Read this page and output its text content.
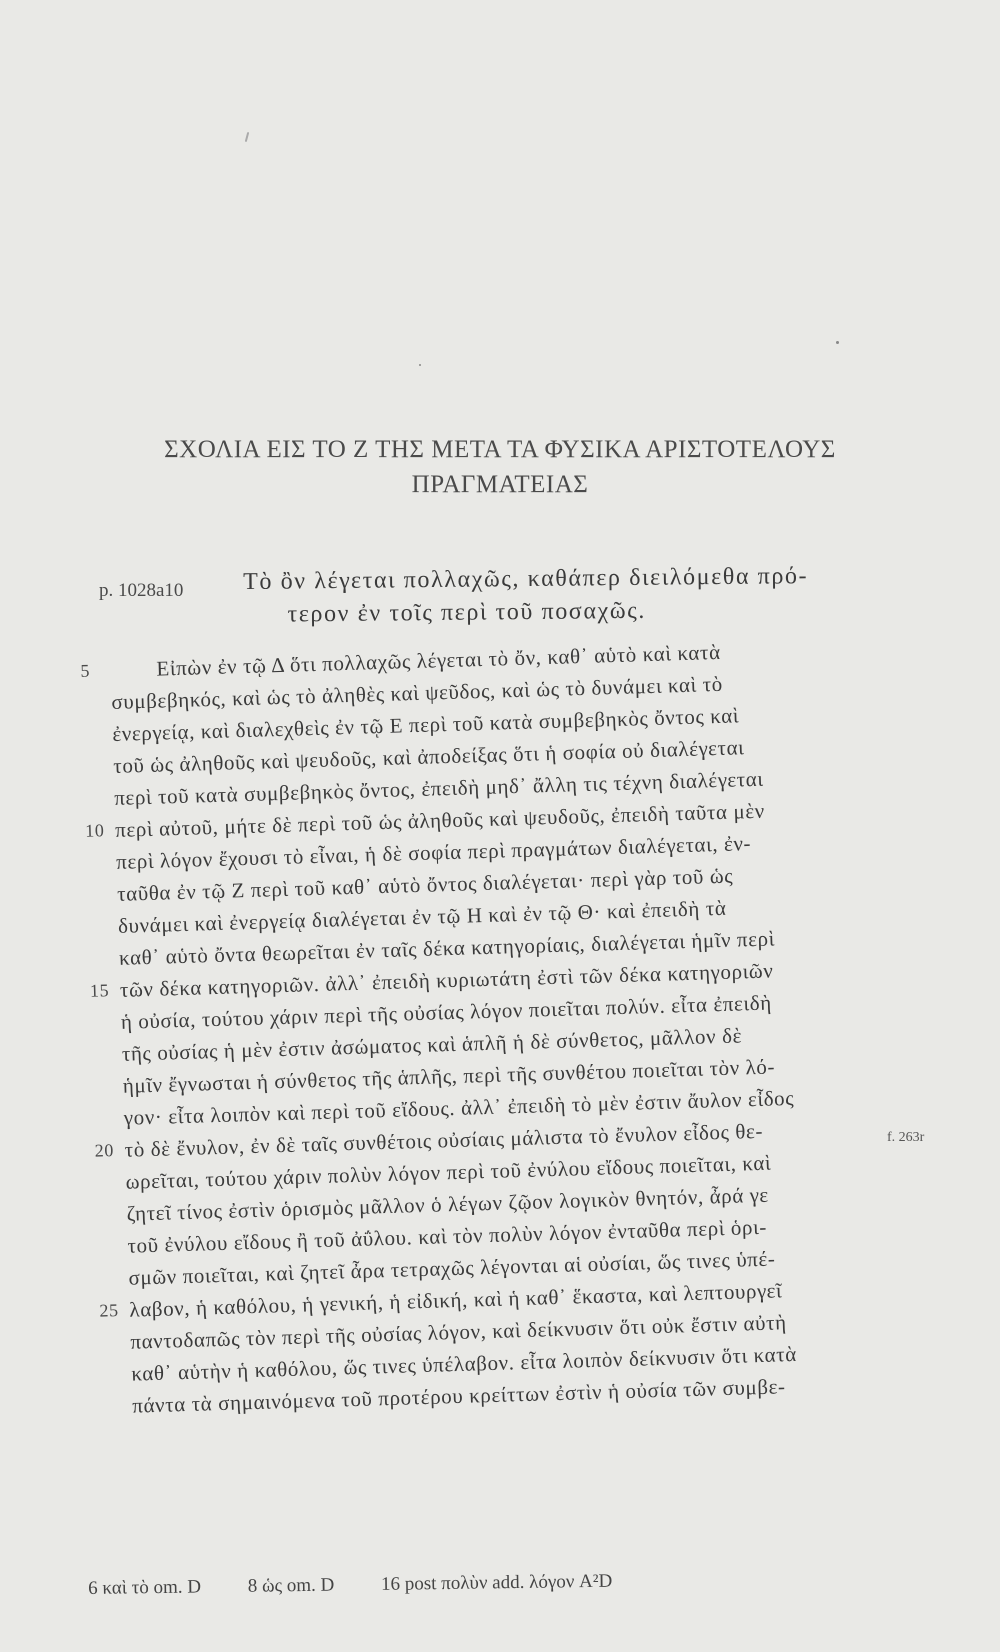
ΣΧΟΛΙΑ ΕΙΣ ΤΟ Ζ ΤΗΣ ΜΕΤΑ ΤΑ ΦΥΣΙΚΑ ΑΡΙΣΤΟΤΕΛΟΥΣ
ΠΡΑΓΜΑΤΕΙΑΣ
p. 1028a10 Τὸ ὂν λέγεται πολλαχῶς, καθάπερ διειλόμεθα πρό-
τερον ἐν τοῖς περὶ τοῦ ποσαχῶς.
5	Εἰπὼν ἐν τῷ Δ ὅτι πολλαχῶς λέγεται τὸ ὄν, καθ᾽ αὑτὸ καὶ κατὰ
συμβεβηκός, καὶ ὡς τὸ ἀληθὲς καὶ ψεῦδος, καὶ ὡς τὸ δυνάμει καὶ τὸ
ἐνεργείᾳ, καὶ διαλεχθεὶς ἐν τῷ Ε περὶ τοῦ κατὰ συμβεβηκὸς ὄντος καὶ
τοῦ ὡς ἀληθοῦς καὶ ψευδοῦς, καὶ ἀποδείξας ὅτι ἡ σοφία οὐ διαλέγεται
περὶ τοῦ κατὰ συμβεβηκὸς ὄντος, ἐπειδὴ μηδ᾽ ἄλλη τις τέχνη διαλέγεται
10 περὶ αὐτοῦ, μήτε δὲ περὶ τοῦ ὡς ἀληθοῦς καὶ ψευδοῦς, ἐπειδὴ ταῦτα μὲν
περὶ λόγον ἔχουσι τὸ εἶναι, ἡ δὲ σοφία περὶ πραγμάτων διαλέγεται, ἐν-
ταῦθα ἐν τῷ Ζ περὶ τοῦ καθ᾽ αὑτὸ ὄντος διαλέγεται· περὶ γὰρ τοῦ ὡς
δυνάμει καὶ ἐνεργείᾳ διαλέγεται ἐν τῷ Η καὶ ἐν τῷ Θ· καὶ ἐπειδὴ τὰ
καθ᾽ αὑτὸ ὄντα θεωρεῖται ἐν ταῖς δέκα κατηγορίαις, διαλέγεται ἡμῖν περὶ
15 τῶν δέκα κατηγοριῶν. ἀλλ᾽ ἐπειδὴ κυριωτάτη ἐστὶ τῶν δέκα κατηγοριῶν
ἡ οὐσία, τούτου χάριν περὶ τῆς οὐσίας λόγον ποιεῖται πολύν. εἶτα ἐπειδὴ
τῆς οὐσίας ἡ μὲν ἐστιν ἀσώματος καὶ ἁπλῆ ἡ δὲ σύνθετος, μᾶλλον δὲ
ἡμῖν ἔγνωσται ἡ σύνθετος τῆς ἁπλῆς, περὶ τῆς συνθέτου ποιεῖται τὸν λό-
γον· εἶτα λοιπὸν καὶ περὶ τοῦ εἴδους. ἀλλ᾽ ἐπειδὴ τὸ μὲν ἐστιν ἄυλον εἶδος
20 τὸ δὲ ἔνυλον, ἐν δὲ ταῖς συνθέτοις οὐσίαις μάλιστα τὸ ἔνυλον εἶδος θε-
ωρεῖται, τούτου χάριν πολὺν λόγον περὶ τοῦ ἐνύλου εἴδους ποιεῖται, καὶ
ζητεῖ τίνος ἐστὶν ὁρισμὸς μᾶλλον ὁ λέγων ζῷον λογικὸν θνητόν, ἆρά γε
τοῦ ἐνύλου εἴδους ἢ τοῦ ἀΰλου. καὶ τὸν πολὺν λόγον ἐνταῦθα περὶ ὁρι-
σμῶν ποιεῖται, καὶ ζητεῖ ἆρα τετραχῶς λέγονται αἱ οὐσίαι, ὥς τινες ὑπέ-
25 λαβον, ἡ καθόλου, ἡ γενική, ἡ εἰδική, καὶ ἡ καθ᾽ ἕκαστα, καὶ λεπτουργεῖ
παντοδαπῶς τὸν περὶ τῆς οὐσίας λόγον, καὶ δείκνυσιν ὅτι οὐκ ἔστιν αὐτὴ
καθ᾽ αὑτὴν ἡ καθόλου, ὥς τινες ὑπέλαβον. εἶτα λοιπὸν δείκνυσιν ὅτι κατὰ
πάντα τὰ σημαινόμενα τοῦ προτέρου κρείττων ἐστὶν ἡ οὐσία τῶν συμβε-
f. 263r
6 καὶ τὸ om. D 8 ὡς om. D 16 post πολὺν add. λόγον A²D
